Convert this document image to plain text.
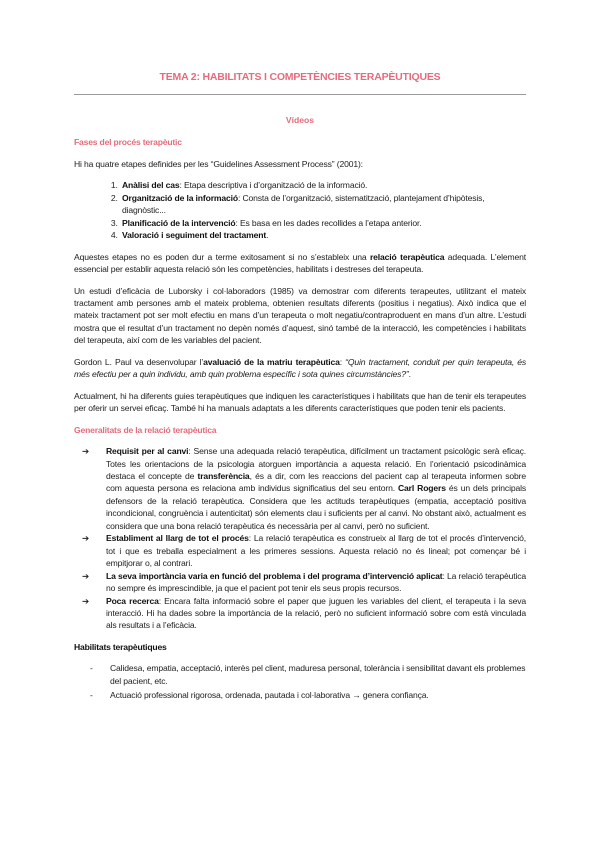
TEMA 2: HABILITATS I COMPETÈNCIES TERAPÈUTIQUES
Vídeos
Fases del procés terapèutic

Hi ha quatre etapes definides per les “Guidelines Assessment Process” (2001):

1. Anàlisi del cas: Etapa descriptiva i d’organització de la informació.
2. Organització de la informació: Consta de l’organització, sistematització, plantejament d’hipòtesis, diagnòstic...
3. Planificació de la intervenció: Es basa en les dades recollides a l’etapa anterior.
4. Valoració i seguiment del tractament.

Aquestes etapes no es poden dur a terme exitosament si no s’estableix una relació terapèutica adequada. L’element essencial per establir aquesta relació són les competències, habilitats i destreses del terapeuta.

Un estudi d’eficàcia de Luborsky i col·laboradors (1985) va demostrar com diferents terapeutes, utilitzant el mateix tractament amb persones amb el mateix problema, obtenien resultats diferents (positius i negatius). Això indica que el mateix tractament pot ser molt efectiu en mans d’un terapeuta o molt negatiu/contraproduent en mans d’un altre. L’estudi mostra que el resultat d’un tractament no depèn només d’aquest, sinó també de la interacció, les competències i habilitats del terapeuta, així com de les variables del pacient.

Gordon L. Paul va desenvolupar l’avaluació de la matriu terapèutica: “Quin tractament, conduit per quin terapeuta, és més efectiu per a quin individu, amb quin problema específic i sota quines circumstàncies?”.

Actualment, hi ha diferents guies terapèutiques que indiquen les característiques i habilitats que han de tenir els terapeutes per oferir un servei eficaç. També hi ha manuals adaptats a les diferents característiques que poden tenir els pacients.

Generalitats de la relació terapèutica
➔ Requisit per al canvi: Sense una adequada relació terapèutica, difícilment un tractament psicològic serà eficaç. Totes les orientacions de la psicologia atorguen importància a aquesta relació. En l’orientació psicodinàmica destaca el concepte de transferència, és a dir, com les reaccions del pacient cap al terapeuta informen sobre com aquesta persona es relaciona amb individus significatius del seu entorn. Carl Rogers és un dels principals defensors de la relació terapèutica. Considera que les actituds terapèutiques (empatia, acceptació positiva incondicional, congruència i autenticitat) són elements clau i suficients per al canvi. No obstant això, actualment es considera que una bona relació terapèutica és necessària per al canvi, però no suficient.
➔ Establiment al llarg de tot el procés: La relació terapèutica es construeix al llarg de tot el procés d’intervenció, tot i que es treballa especialment a les primeres sessions. Aquesta relació no és lineal; pot començar bé i empitjorar o, al contrari.
➔ La seva importància varia en funció del problema i del programa d’intervenció aplicat: La relació terapèutica no sempre és imprescindible, ja que el pacient pot tenir els seus propis recursos.
➔ Poca recerca: Encara falta informació sobre el paper que juguen les variables del client, el terapeuta i la seva interacció. Hi ha dades sobre la importància de la relació, però no suficient informació sobre com està vinculada als resultats i a l’eficàcia.
Habilitats terapèutiques
- Calidesa, empatia, acceptació, interès pel client, maduresa personal, tolerància i sensibilitat davant els problemes del pacient, etc.
- Actuació professional rigorosa, ordenada, pautada i col·laborativa → genera confiança.
